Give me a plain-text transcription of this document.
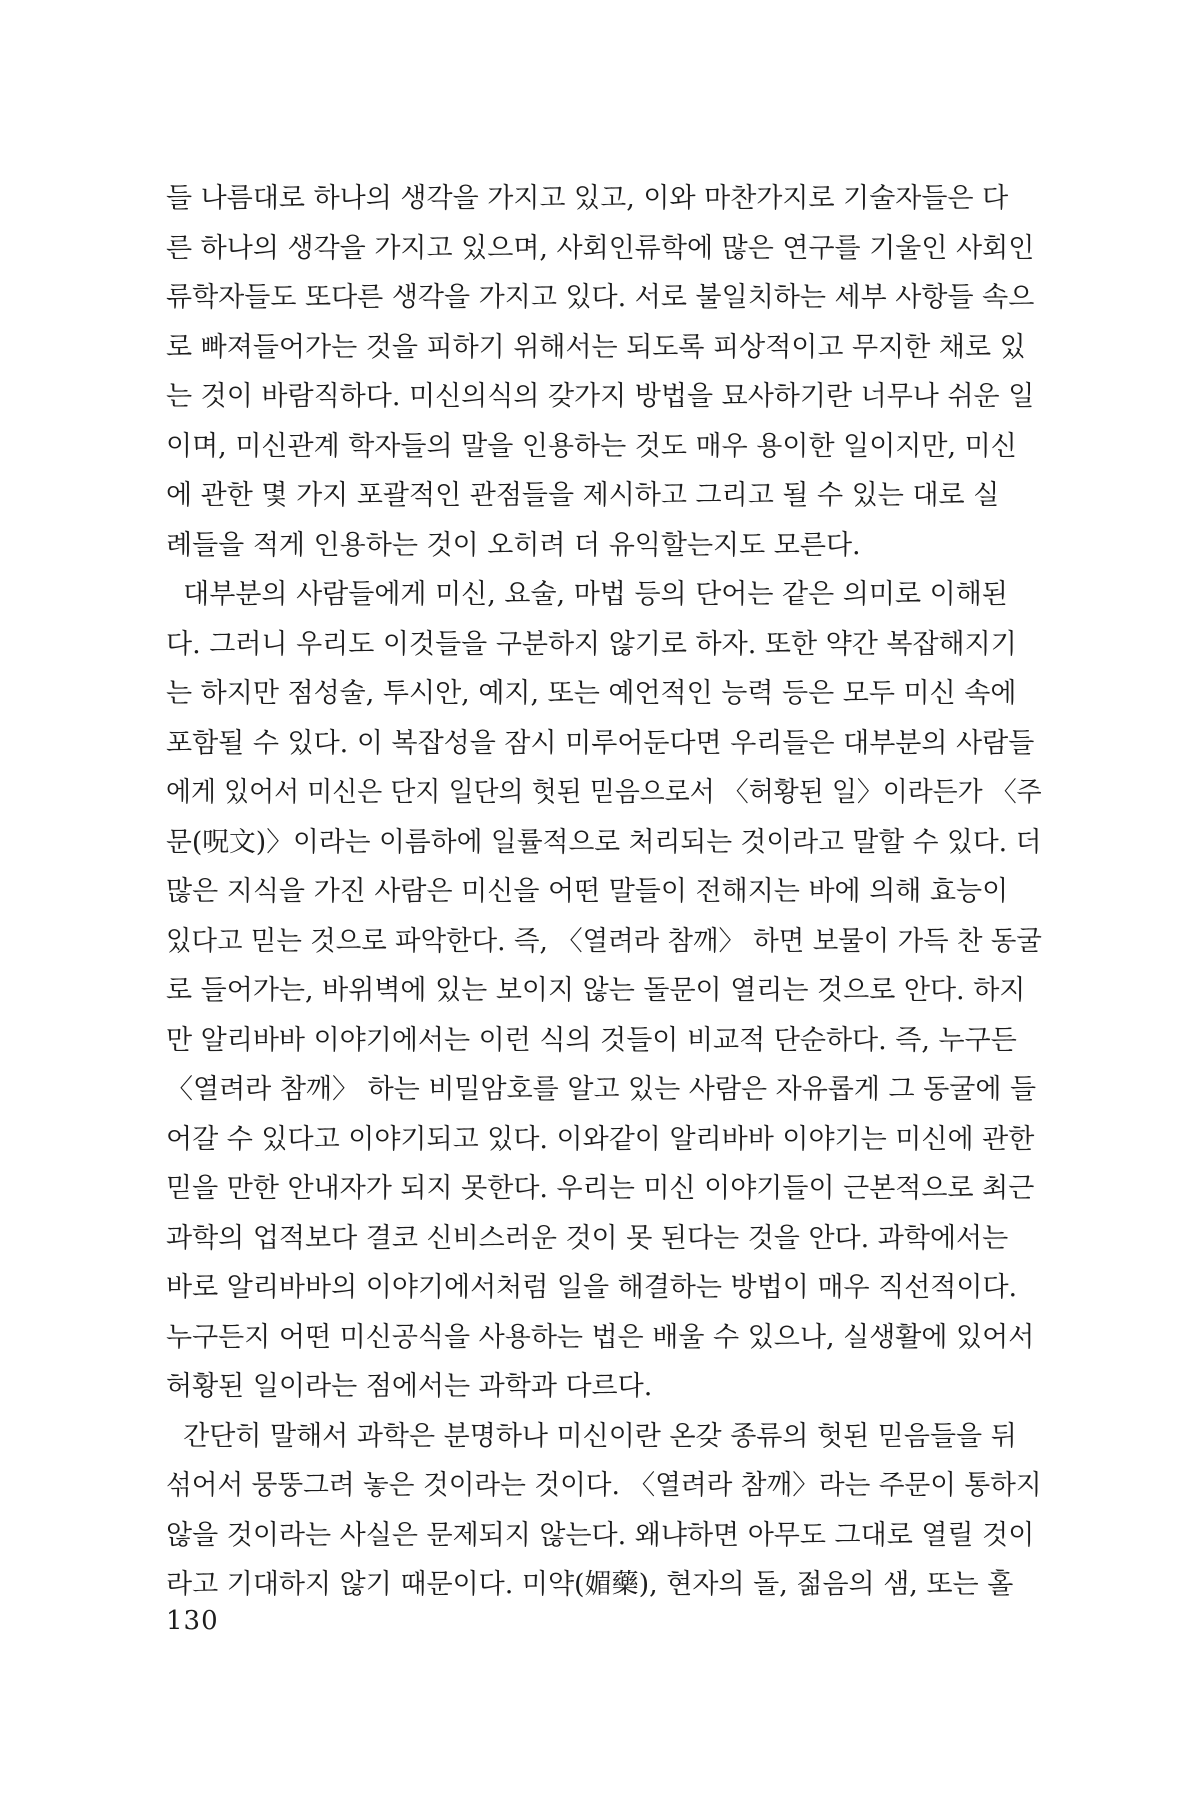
들 나름대로 하나의 생각을 가지고 있고, 이와 마찬가지로 기술자들은 다
른 하나의 생각을 가지고 있으며, 사회인류학에 많은 연구를 기울인 사회인
류학자들도 또다른 생각을 가지고 있다. 서로 불일치하는 세부 사항들 속으
로 빠져들어가는 것을 피하기 위해서는 되도록 피상적이고 무지한 채로 있
는 것이 바람직하다. 미신의식의 갖가지 방법을 묘사하기란 너무나 쉬운 일
이며, 미신관계 학자들의 말을 인용하는 것도 매우 용이한 일이지만, 미신
에 관한 몇 가지 포괄적인 관점들을 제시하고 그리고 될 수 있는 대로 실
례들을 적게 인용하는 것이 오히려 더 유익할는지도 모른다.
대부분의 사람들에게 미신, 요술, 마법 등의 단어는 같은 의미로 이해된
다. 그러니 우리도 이것들을 구분하지 않기로 하자. 또한 약간 복잡해지기
는 하지만 점성술, 투시안, 예지, 또는 예언적인 능력 등은 모두 미신 속에
포함될 수 있다. 이 복잡성을 잠시 미루어둔다면 우리들은 대부분의 사람들
에게 있어서 미신은 단지 일단의 헛된 믿음으로서 〈허황된 일〉이라든가 〈주
문(呪文)〉이라는 이름하에 일률적으로 처리되는 것이라고 말할 수 있다. 더
많은 지식을 가진 사람은 미신을 어떤 말들이 전해지는 바에 의해 효능이
있다고 믿는 것으로 파악한다. 즉, 〈열려라 참깨〉 하면 보물이 가득 찬 동굴
로 들어가는, 바위벽에 있는 보이지 않는 돌문이 열리는 것으로 안다. 하지
만 알리바바 이야기에서는 이런 식의 것들이 비교적 단순하다. 즉, 누구든
〈열려라 참깨〉 하는 비밀암호를 알고 있는 사람은 자유롭게 그 동굴에 들
어갈 수 있다고 이야기되고 있다. 이와같이 알리바바 이야기는 미신에 관한
믿을 만한 안내자가 되지 못한다. 우리는 미신 이야기들이 근본적으로 최근
과학의 업적보다 결코 신비스러운 것이 못 된다는 것을 안다. 과학에서는
바로 알리바바의 이야기에서처럼 일을 해결하는 방법이 매우 직선적이다.
누구든지 어떤 미신공식을 사용하는 법은 배울 수 있으나, 실생활에 있어서
허황된 일이라는 점에서는 과학과 다르다.
간단히 말해서 과학은 분명하나 미신이란 온갖 종류의 헛된 믿음들을 뒤
섞어서 뭉뚱그려 놓은 것이라는 것이다. 〈열려라 참깨〉라는 주문이 통하지
않을 것이라는 사실은 문제되지 않는다. 왜냐하면 아무도 그대로 열릴 것이
라고 기대하지 않기 때문이다. 미약(媚藥), 현자의 돌, 젊음의 샘, 또는 홀
130
